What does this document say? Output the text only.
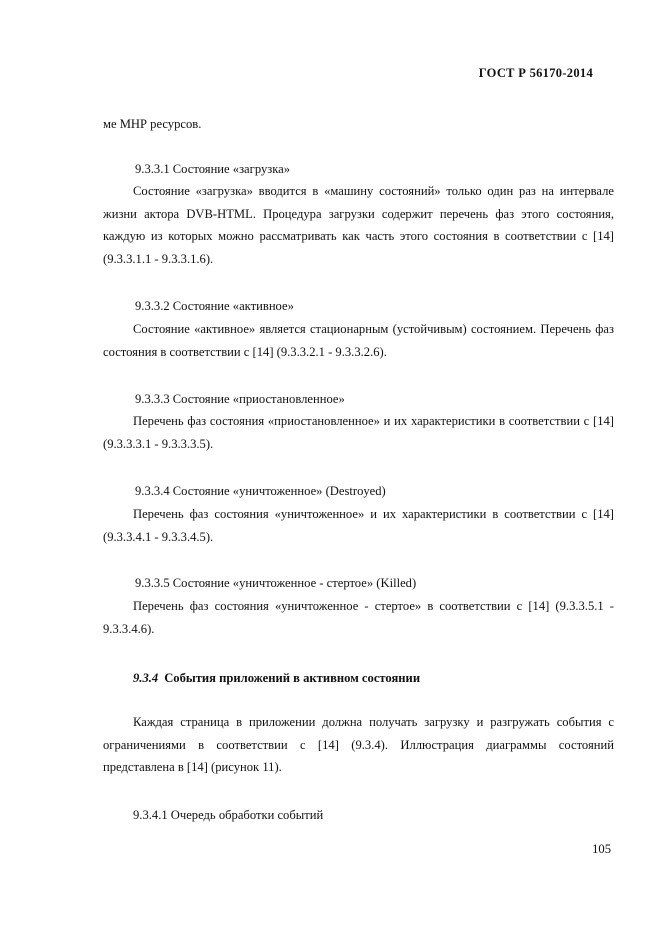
ГОСТ Р 56170-2014
ме МНР ресурсов.
9.3.3.1 Состояние «загрузка»
Состояние «загрузка» вводится в «машину состояний» только один раз на интервале жизни актора DVB-HTML. Процедура загрузки содержит перечень фаз этого состояния, каждую из которых можно рассматривать как часть этого состояния в соответствии с [14] (9.3.3.1.1 - 9.3.3.1.6).
9.3.3.2 Состояние «активное»
Состояние «активное» является стационарным (устойчивым) состоянием. Перечень фаз состояния в соответствии с [14] (9.3.3.2.1 - 9.3.3.2.6).
9.3.3.3 Состояние «приостановленное»
Перечень фаз состояния «приостановленное» и их характеристики в соответствии с [14] (9.3.3.3.1 - 9.3.3.3.5).
9.3.3.4 Состояние «уничтоженное» (Destroyed)
Перечень фаз состояния «уничтоженное» и их характеристики в соответствии с [14] (9.3.3.4.1 - 9.3.3.4.5).
9.3.3.5 Состояние «уничтоженное - стертое» (Killed)
Перечень фаз состояния «уничтоженное - стертое» в соответствии с [14] (9.3.3.5.1 - 9.3.3.4.6).
9.3.4 События приложений в активном состоянии
Каждая страница в приложении должна получать загрузку и разгружать события с ограничениями в соответствии с [14] (9.3.4). Иллюстрация диаграммы состояний представлена в [14] (рисунок 11).
9.3.4.1 Очередь обработки событий
105
